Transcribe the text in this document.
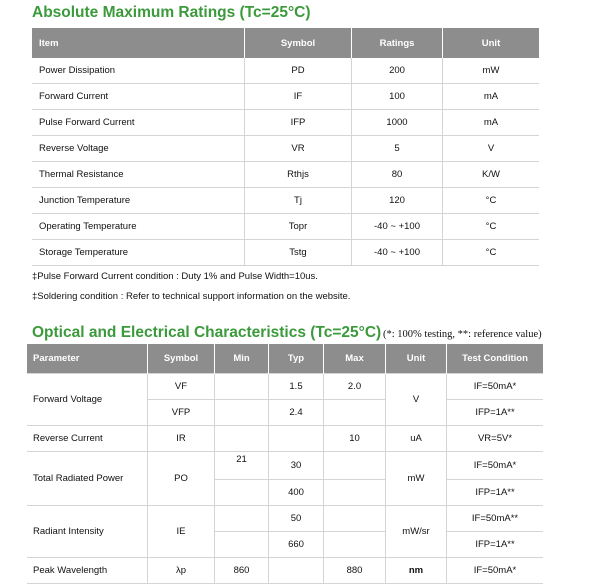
Absolute Maximum Ratings (Tc=25°C)
Item	Symbol	Ratings	Unit
Power Dissipation	PD	200	mW
Forward Current	IF	100	mA
Pulse Forward Current	IFP	1000	mA
Reverse Voltage	VR	5	V
Thermal Resistance	Rthjs	80	K/W
Junction Temperature	Tj	120	°C
Operating Temperature	Topr	-40 ~ +100	°C
Storage Temperature	Tstg	-40 ~ +100	°C
‡Pulse Forward Current condition : Duty 1% and Pulse Width=10us.
‡Soldering condition : Refer to technical support information on the website.
Optical and Electrical Characteristics (Tc=25°C) (*: 100% testing, **: reference value)
Parameter	Symbol	Min	Typ	Max	Unit	Test Condition
Forward Voltage	VF		1.5	2.0	V	IF=50mA*
	VFP		2.4			IFP=1A**
Reverse Current	IR			10	uA	VR=5V*
Total Radiated Power	PO	21	30		mW	IF=50mA*
			400			IFP=1A**
Radiant Intensity	IE		50		mW/sr	IF=50mA**
			660			IFP=1A**
Peak Wavelength	λp	860		880	nm	IF=50mA*
